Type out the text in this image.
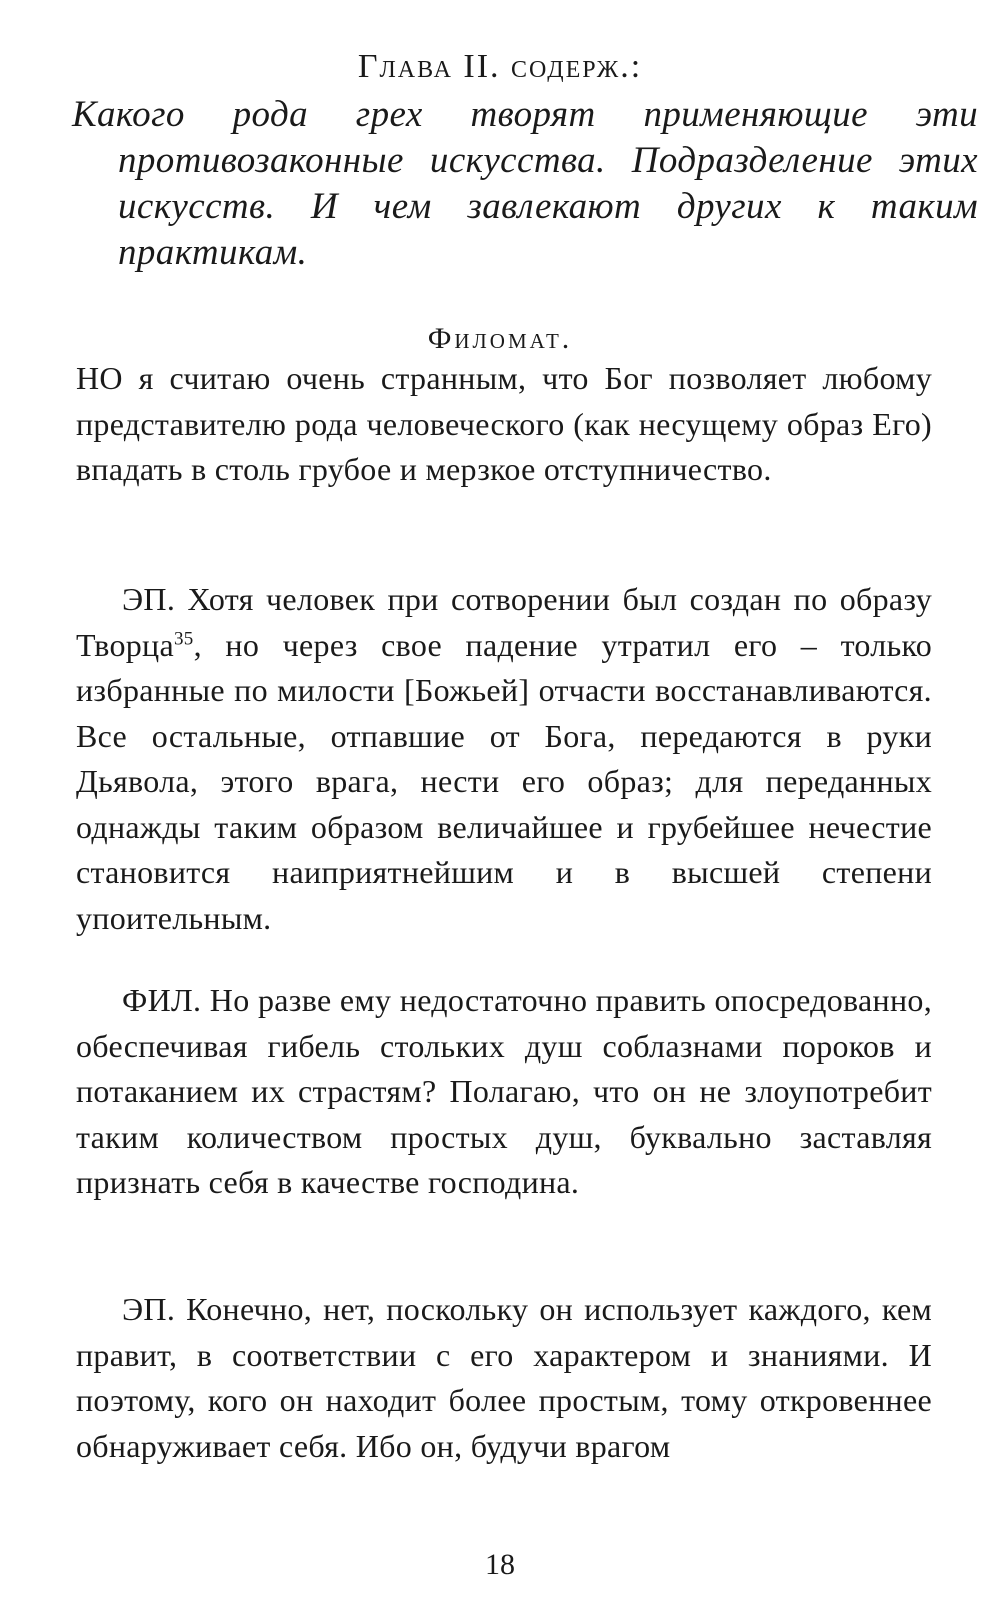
Глава II. содерж.:
Какого рода грех творят применяющие эти противозаконные искусства. Подразделение этих искусств. И чем завлекают других к таким практикам.
Филомат.
НО я считаю очень странным, что Бог позволяет любому представителю рода человеческого (как несущему образ Его) впадать в столь грубое и мерзкое отступничество.
ЭП. Хотя человек при сотворении был создан по образу Творца$^{35}$, но через свое падение утратил его – только избранные по милости [Божьей] отчасти восстанавливаются. Все остальные, отпавшие от Бога, передаются в руки Дьявола, этого врага, нести его образ; для переданных однажды таким образом величайшее и грубейшее нечестие становится наиприятнейшим и в высшей степени упоительным.
ФИЛ. Но разве ему недостаточно править опосредованно, обеспечивая гибель стольких душ соблазнами пороков и потаканием их страстям? Полагаю, что он не злоупотребит таким количеством простых душ, буквально заставляя признать себя в качестве господина.
ЭП. Конечно, нет, поскольку он использует каждого, кем правит, в соответствии с его характером и знаниями. И поэтому, кого он находит более простым, тому откровеннее обнаруживает себя. Ибо он, будучи врагом
18
